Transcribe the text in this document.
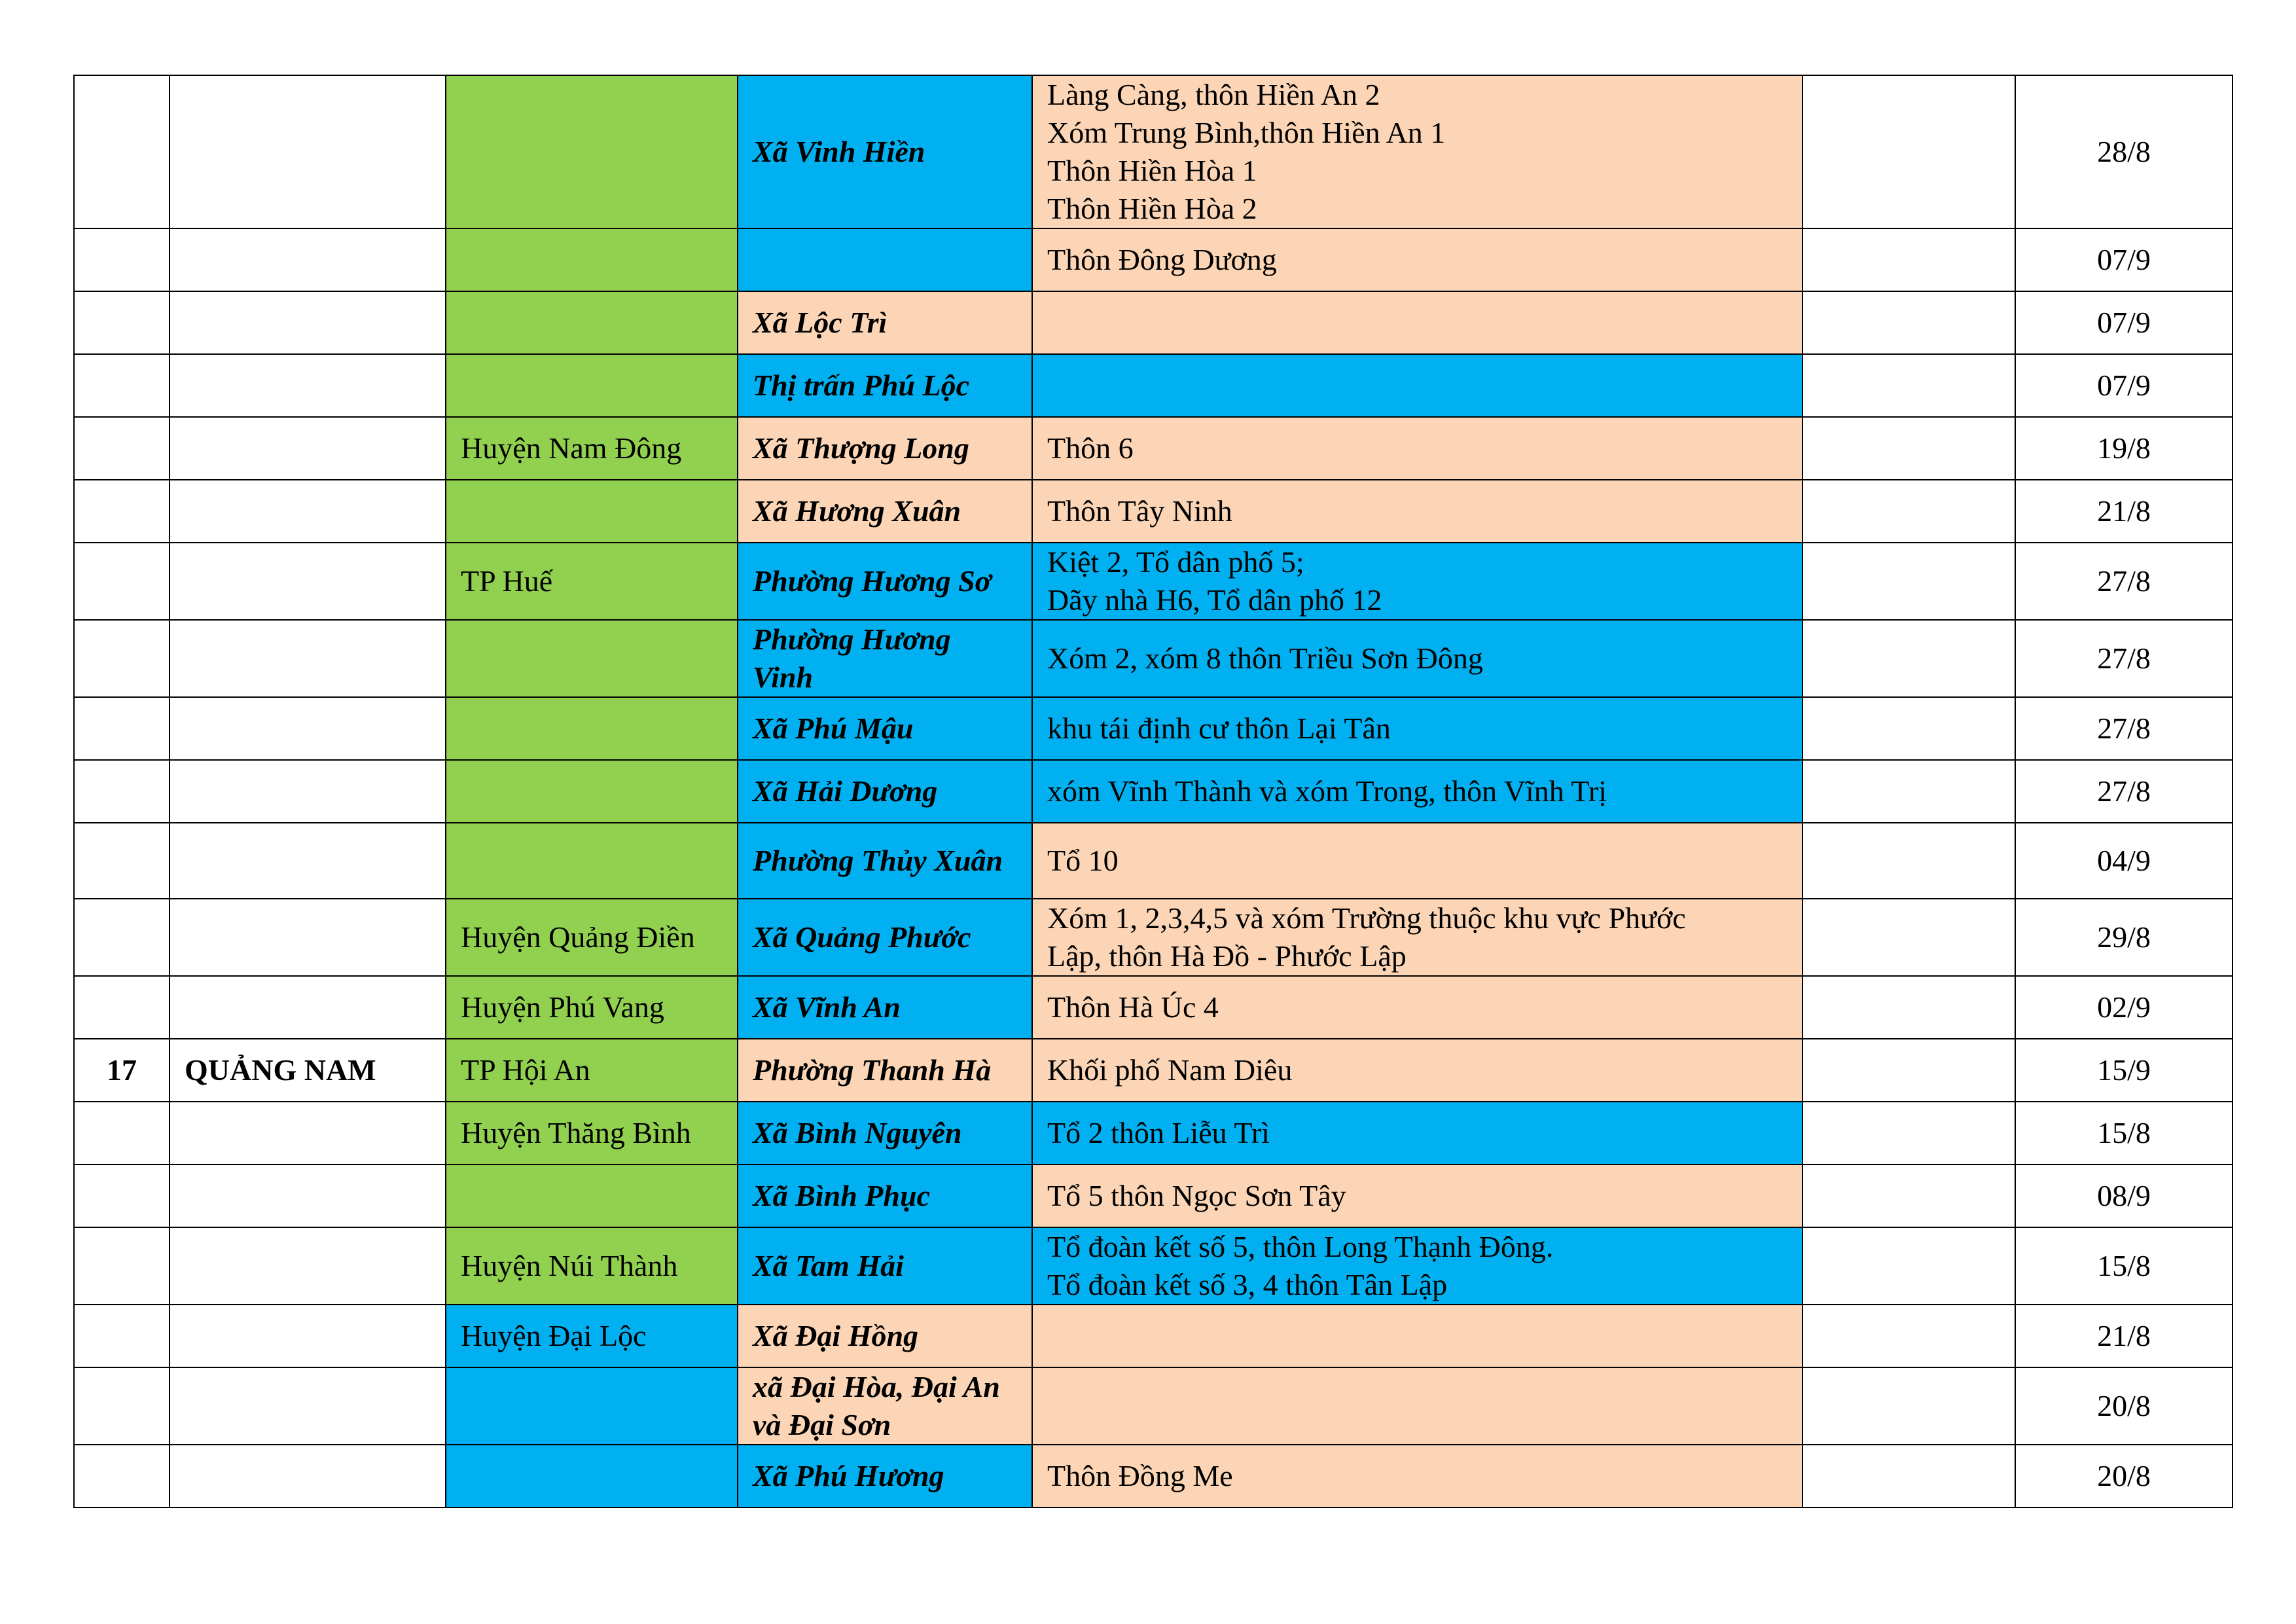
			Xã Vinh Hiền	Làng Càng, thôn Hiền An 2
Xóm Trung Bình,thôn Hiền An 1
Thôn Hiền Hòa 1
Thôn Hiền Hòa 2		28/8

				Thôn Đông Dương		07/9
			Xã Lộc Trì			07/9
			Thị trấn Phú Lộc			07/9
		Huyện Nam Đông	Xã Thượng Long	Thôn 6		19/8
			Xã Hương Xuân	Thôn Tây Ninh		21/8
		TP Huế	Phường Hương Sơ	Kiệt 2, Tổ dân phố 5;
Dãy nhà H6, Tổ dân phố 12		27/8
			Phường Hương Vinh	Xóm 2, xóm 8 thôn Triều Sơn Đông		27/8
			Xã Phú Mậu	khu tái định cư thôn Lại Tân		27/8
			Xã Hải Dương	xóm Vĩnh Thành và xóm Trong, thôn Vĩnh Trị		27/8
			Phường Thủy Xuân	Tổ 10		04/9
		Huyện Quảng Điền	Xã Quảng Phước	Xóm 1, 2,3,4,5 và xóm Trường thuộc khu vực Phước
Lập, thôn Hà Đồ - Phước Lập		29/8
		Huyện Phú Vang	Xã Vĩnh An	Thôn Hà Úc 4		02/9
17	QUẢNG NAM	TP Hội An	Phường Thanh Hà	Khối phố Nam Diêu		15/9
		Huyện Thăng Bình	Xã Bình Nguyên	Tổ 2 thôn Liễu Trì		15/8
			Xã Bình Phục	Tổ 5 thôn Ngọc Sơn Tây		08/9
		Huyện Núi Thành	Xã Tam Hải	Tổ đoàn kết số 5, thôn Long Thạnh Đông.
Tổ đoàn kết số 3, 4 thôn Tân Lập		15/8
		Huyện Đại Lộc	Xã Đại Hồng			21/8
			xã Đại Hòa, Đại An và Đại Sơn			20/8
			Xã Phú Hương	Thôn Đồng Me		20/8
